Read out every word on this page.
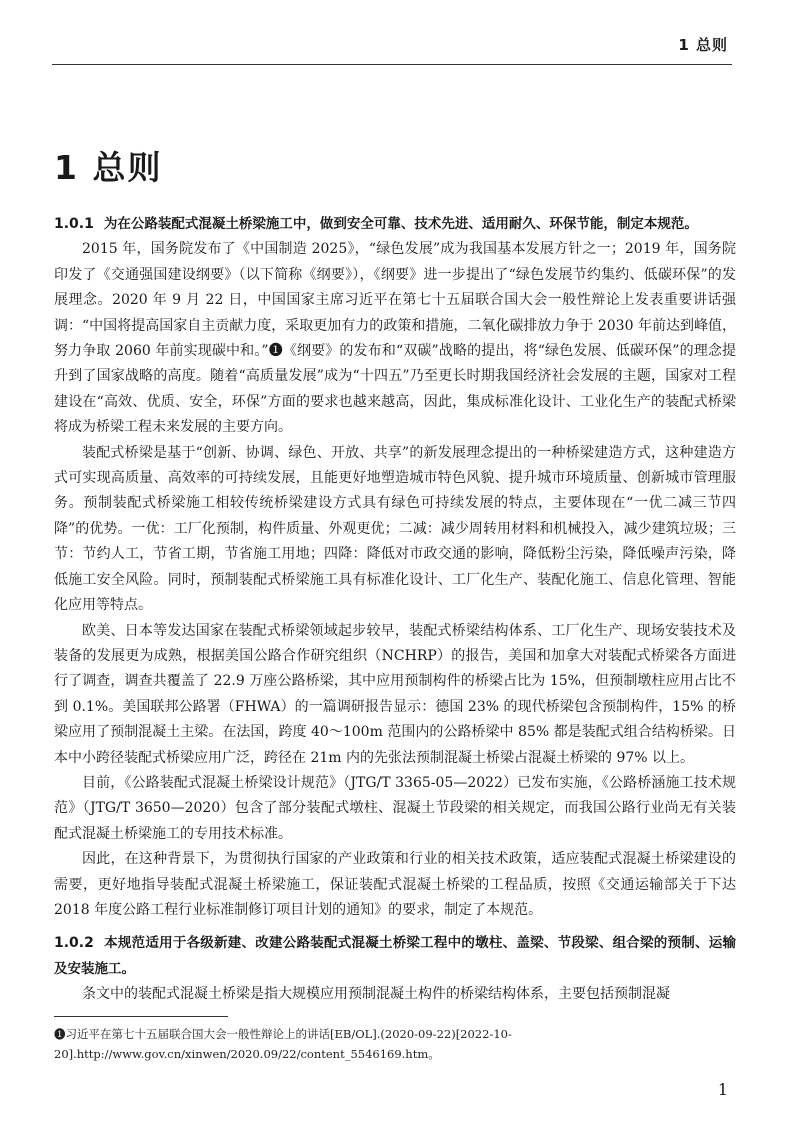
1 总则
1 总则

1.0.1 为在公路装配式混凝土桥梁施工中，做到安全可靠、技术先进、适用耐久、环保节能，制定本规范。

2015 年，国务院发布了《中国制造 2025》，“绿色发展”成为我国基本发展方针之一；2019 年，国务院印发了《交通强国建设纲要》（以下简称《纲要》），《纲要》进一步提出了“绿色发展节约集约、低碳环保”的发展理念。2020 年 9 月 22 日，中国国家主席习近平在第七十五届联合国大会一般性辩论上发表重要讲话强调：“中国将提高国家自主贡献力度，采取更加有力的政策和措施，二氧化碳排放力争于 2030 年前达到峰值，努力争取 2060 年前实现碳中和。”❶《纲要》的发布和“双碳”战略的提出，将“绿色发展、低碳环保”的理念提升到了国家战略的高度。随着“高质量发展”成为“十四五”乃至更长时期我国经济社会发展的主题，国家对工程建设在“高效、优质、安全，环保”方面的要求也越来越高，因此，集成标准化设计、工业化生产的装配式桥梁将成为桥梁工程未来发展的主要方向。

装配式桥梁是基于“创新、协调、绿色、开放、共享”的新发展理念提出的一种桥梁建造方式，这种建造方式可实现高质量、高效率的可持续发展，且能更好地塑造城市特色风貌、提升城市环境质量、创新城市管理服务。预制装配式桥梁施工相较传统桥梁建设方式具有绿色可持续发展的特点，主要体现在“一优二减三节四降”的优势。一优：工厂化预制，构件质量、外观更优；二减：减少周转用材料和机械投入，减少建筑垃圾；三节：节约人工，节省工期，节省施工用地；四降：降低对市政交通的影响，降低粉尘污染，降低噪声污染，降低施工安全风险。同时，预制装配式桥梁施工具有标准化设计、工厂化生产、装配化施工、信息化管理、智能化应用等特点。

欧美、日本等发达国家在装配式桥梁领域起步较早，装配式桥梁结构体系、工厂化生产、现场安装技术及装备的发展更为成熟，根据美国公路合作研究组织（NCHRP）的报告，美国和加拿大对装配式桥梁各方面进行了调查，调查共覆盖了 22.9 万座公路桥梁，其中应用预制构件的桥梁占比为 15%，但预制墩柱应用占比不到 0.1%。美国联邦公路署（FHWA）的一篇调研报告显示：德国 23% 的现代桥梁包含预制构件，15% 的桥梁应用了预制混凝土主梁。在法国，跨度 40～100m 范围内的公路桥梁中 85% 都是装配式组合结构桥梁。日本中小跨径装配式桥梁应用广泛，跨径在 21m 内的先张法预制混凝土桥梁占混凝土桥梁的 97% 以上。

目前，《公路装配式混凝土桥梁设计规范》（JTG/T 3365-05—2022）已发布实施，《公路桥涵施工技术规范》（JTG/T 3650—2020）包含了部分装配式墩柱、混凝土节段梁的相关规定，而我国公路行业尚无有关装配式混凝土桥梁施工的专用技术标准。

因此，在这种背景下，为贯彻执行国家的产业政策和行业的相关技术政策，适应装配式混凝土桥梁建设的需要，更好地指导装配式混凝土桥梁施工，保证装配式混凝土桥梁的工程品质，按照《交通运输部关于下达 2018 年度公路工程行业标准制修订项目计划的通知》的要求，制定了本规范。

1.0.2 本规范适用于各级新建、改建公路装配式混凝土桥梁工程中的墩柱、盖梁、节段梁、组合梁的预制、运输及安装施工。

条文中的装配式混凝土桥梁是指大规模应用预制混凝土构件的桥梁结构体系，主要包括预制混凝

❶习近平在第七十五届联合国大会一般性辩论上的讲话[EB/OL].(2020-09-22)[2022-10-20].http://www.gov.cn/xinwen/2020.09/22/content_5546169.htm。
1
